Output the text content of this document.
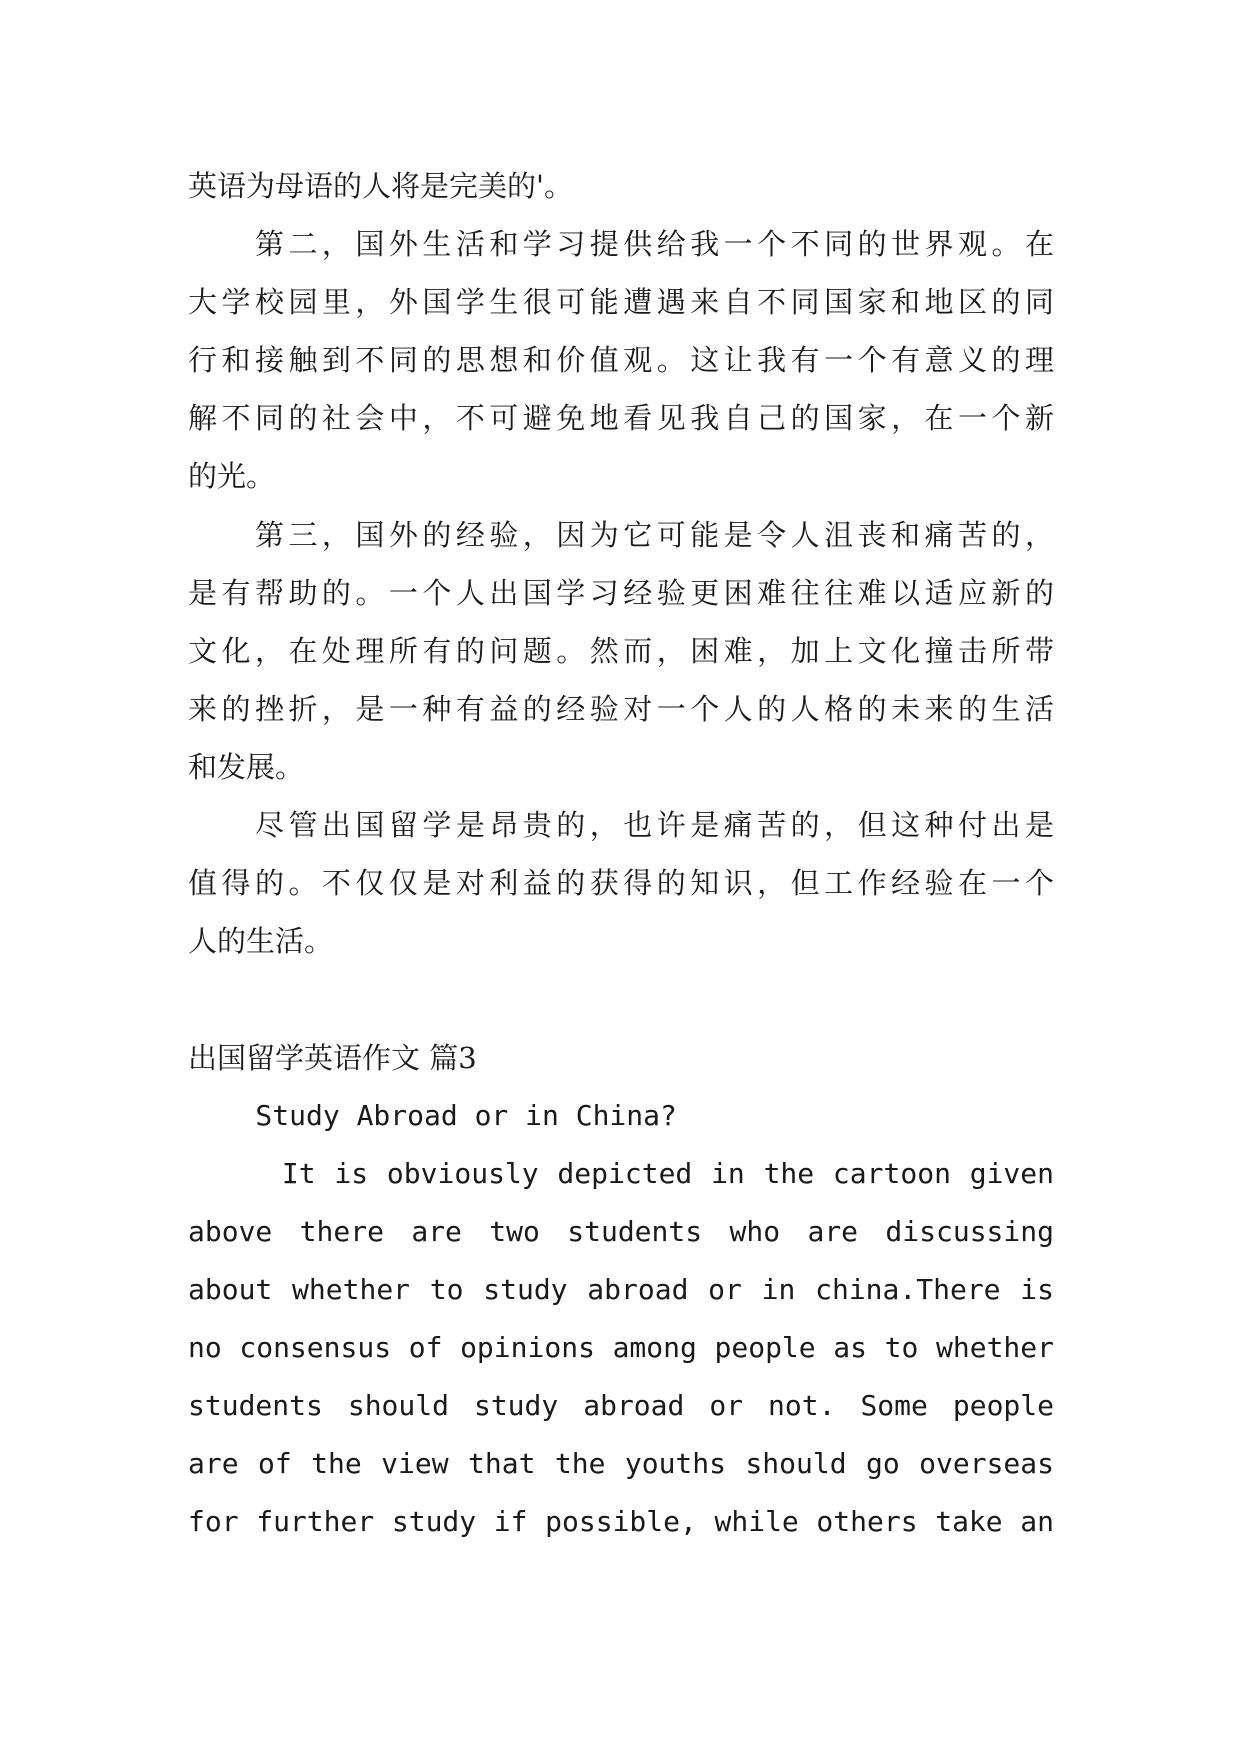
英语为母语的人将是完美的'。
　　第二，国外生活和学习提供给我一个不同的世界观。在
大学校园里，外国学生很可能遭遇来自不同国家和地区的同
行和接触到不同的思想和价值观。这让我有一个有意义的理
解不同的社会中，不可避免地看见我自己的国家，在一个新
的光。
　　第三，国外的经验，因为它可能是令人沮丧和痛苦的，
是有帮助的。一个人出国学习经验更困难往往难以适应新的
文化，在处理所有的问题。然而，困难，加上文化撞击所带
来的挫折，是一种有益的经验对一个人的人格的未来的生活
和发展。
　　尽管出国留学是昂贵的，也许是痛苦的，但这种付出是
值得的。不仅仅是对利益的获得的知识，但工作经验在一个
人的生活。
出国留学英语作文 篇3
Study Abroad or in China?
It is obviously depicted in the cartoon given
above there are two students who are discussing
about whether to study abroad or in china.There is
no consensus of opinions among people as to whether
students should study abroad or not. Some people
are of the view that the youths should go overseas
for further study if possible, while others take an
